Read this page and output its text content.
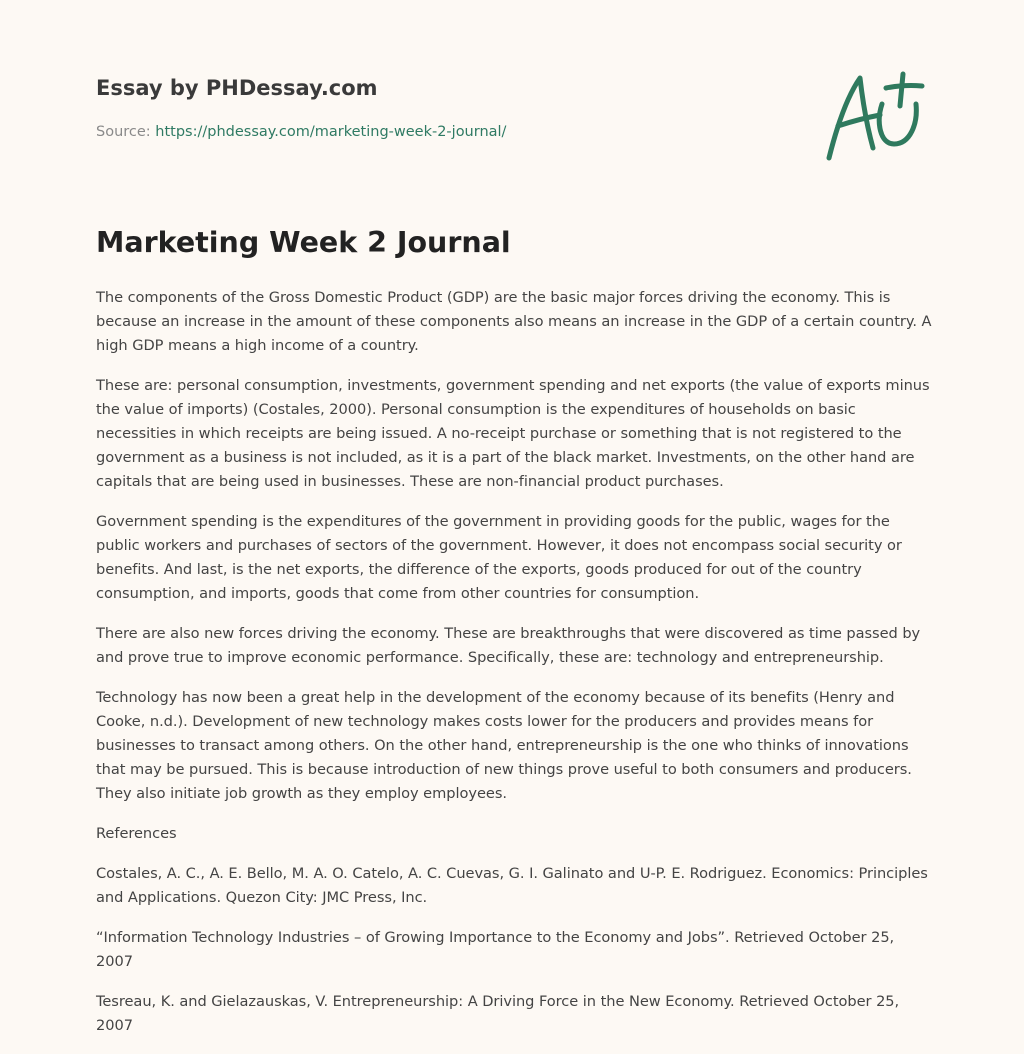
Essay by PHDessay.com
Source: https://phdessay.com/marketing-week-2-journal/
Marketing Week 2 Journal

The components of the Gross Domestic Product (GDP) are the basic major forces driving the economy. This is because an increase in the amount of these components also means an increase in the GDP of a certain country. A high GDP means a high income of a country.

These are: personal consumption, investments, government spending and net exports (the value of exports minus the value of imports) (Costales, 2000). Personal consumption is the expenditures of households on basic necessities in which receipts are being issued. A no-receipt purchase or something that is not registered to the government as a business is not included, as it is a part of the black market. Investments, on the other hand are capitals that are being used in businesses. These are non-financial product purchases.

Government spending is the expenditures of the government in providing goods for the public, wages for the public workers and purchases of sectors of the government. However, it does not encompass social security or benefits. And last, is the net exports, the difference of the exports, goods produced for out of the country consumption, and imports, goods that come from other countries for consumption.

There are also new forces driving the economy. These are breakthroughs that were discovered as time passed by and prove true to improve economic performance. Specifically, these are: technology and entrepreneurship.

Technology has now been a great help in the development of the economy because of its benefits (Henry and Cooke, n.d.). Development of new technology makes costs lower for the producers and provides means for businesses to transact among others. On the other hand, entrepreneurship is the one who thinks of innovations that may be pursued. This is because introduction of new things prove useful to both consumers and producers. They also initiate job growth as they employ employees.

References

Costales, A. C., A. E. Bello, M. A. O. Catelo, A. C. Cuevas, G. I. Galinato and U-P. E. Rodriguez. Economics: Principles and Applications. Quezon City: JMC Press, Inc.

“Information Technology Industries – of Growing Importance to the Economy and Jobs”. Retrieved October 25, 2007

Tesreau, K. and Gielazauskas, V. Entrepreneurship: A Driving Force in the New Economy. Retrieved October 25, 2007
